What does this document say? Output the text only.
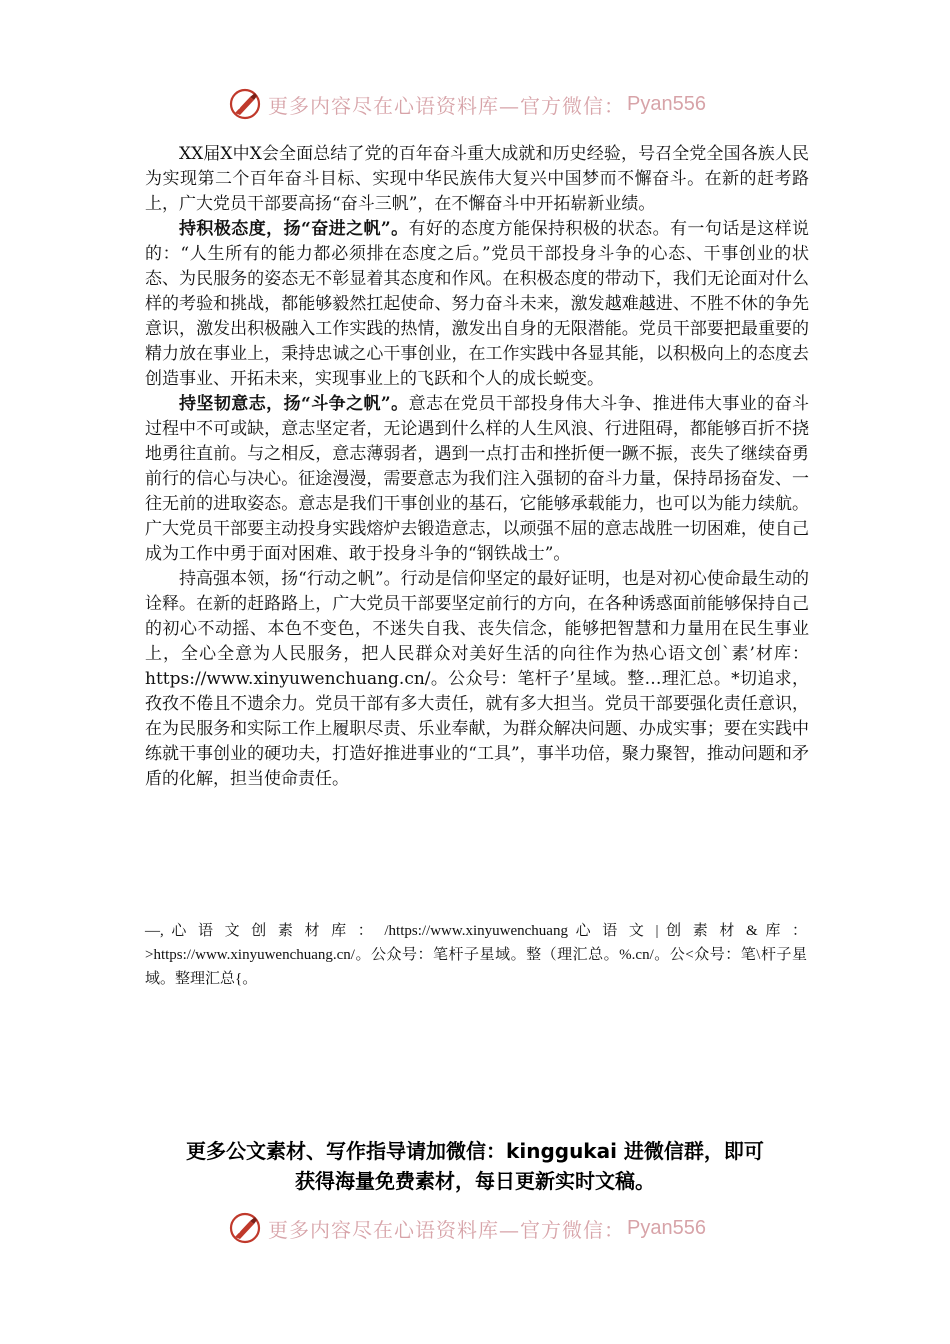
更多内容尽在心语资料库—官方微信： Pyan556

XX届X中X会全面总结了党的百年奋斗重大成就和历史经验，号召全党全国各族人民为实现第二个百年奋斗目标、实现中华民族伟大复兴中国梦而不懈奋斗。在新的赶考路上，广大党员干部要高扬“奋斗三帆”，在不懈奋斗中开拓崭新业绩。

持积极态度，扬“奋进之帆”。有好的态度方能保持积极的状态。有一句话是这样说的：“人生所有的能力都必须排在态度之后。”党员干部投身斗争的心态、干事创业的状态、为民服务的姿态无不彰显着其态度和作风。在积极态度的带动下，我们无论面对什么样的考验和挑战，都能够毅然扛起使命、努力奋斗未来，激发越难越进、不胜不休的争先意识，激发出积极融入工作实践的热情，激发出自身的无限潜能。党员干部要把最重要的精力放在事业上，秉持忠诚之心干事创业，在工作实践中各显其能，以积极向上的态度去创造事业、开拓未来，实现事业上的飞跃和个人的成长蜕变。

持坚韧意志，扬“斗争之帆”。意志在党员干部投身伟大斗争、推进伟大事业的奋斗过程中不可或缺，意志坚定者，无论遇到什么样的人生风浪、行进阻碍，都能够百折不挠地勇往直前。与之相反，意志薄弱者，遇到一点打击和挫折便一蹶不振，丧失了继续奋勇前行的信心与决心。征途漫漫，需要意志为我们注入强韧的奋斗力量，保持昂扬奋发、一往无前的进取姿态。意志是我们干事创业的基石，它能够承载能力，也可以为能力续航。广大党员干部要主动投身实践熔炉去锻造意志，以顽强不屈的意志战胜一切困难，使自己成为工作中勇于面对困难、敢于投身斗争的“钢铁战士”。

持高强本领，扬“行动之帆”。行动是信仰坚定的最好证明，也是对初心使命最生动的诠释。在新的赶路路上，广大党员干部要坚定前行的方向，在各种诱惑面前能够保持自己的初心不动摇、本色不变色，不迷失自我、丧失信念，能够把智慧和力量用在民生事业上，全心全意为人民服务，把人民群众对美好生活的向往作为热心语文创`素’材库：https://www.xinyuwenchuang.cn/。公众号：笔杆子’星域。整…理汇总。*切追求，孜孜不倦且不遗余力。党员干部有多大责任，就有多大担当。党员干部要强化责任意识，在为民服务和实际工作上履职尽责、乐业奉献，为群众解决问题、办成实事；要在实践中练就干事创业的硬功夫，打造好推进事业的“工具”，事半功倍，聚力聚智，推动问题和矛盾的化解，担当使命责任。

—, 心 语 文 创 素 材 库 ： /https://www.xinyuwenchuang 心 语 文 | 创 素 材 & 库 ： >https://www.xinyuwenchuang.cn/。公众号：笔杆子星域。整（理汇总。%.cn/。公<众号：笔\杆子星域。整理汇总{。
更多公文素材、写作指导请加微信：kinggukai 进微信群，即可
获得海量免费素材，每日更新实时文稿。
更多内容尽在心语资料库—官方微信： Pyan556
